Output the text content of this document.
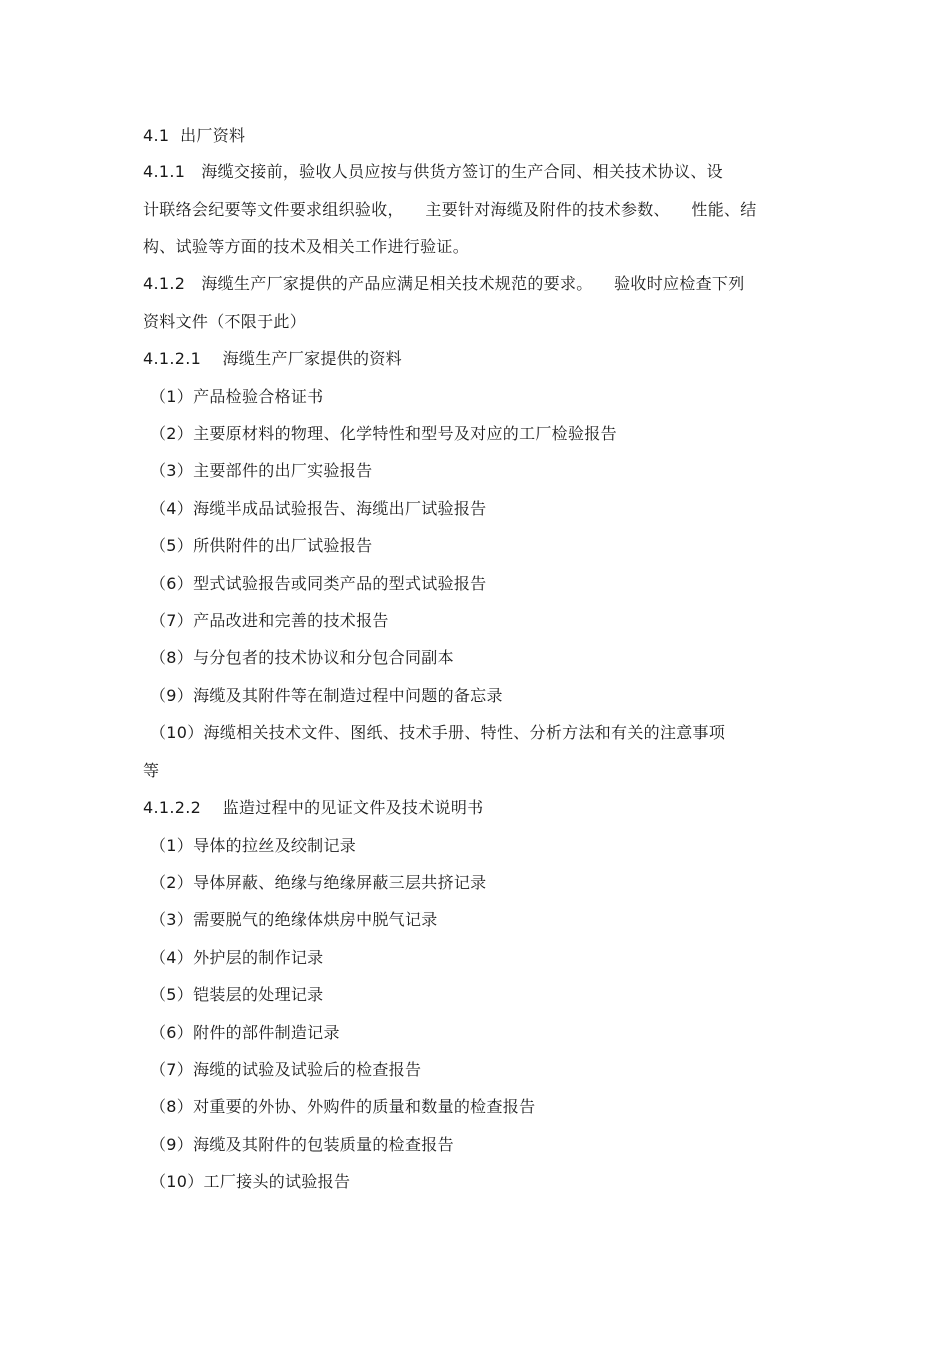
4.1  出厂资料
4.1.1   海缆交接前，验收人员应按与供货方签订的生产合同、相关技术协议、设
计联络会纪要等文件要求组织验收，    主要针对海缆及附件的技术参数、    性能、结
构、试验等方面的技术及相关工作进行验证。
4.1.2   海缆生产厂家提供的产品应满足相关技术规范的要求。    验收时应检查下列
资料文件（不限于此）
4.1.2.1    海缆生产厂家提供的资料
（1）产品检验合格证书
（2）主要原材料的物理、化学特性和型号及对应的工厂检验报告
（3）主要部件的出厂实验报告
（4）海缆半成品试验报告、海缆出厂试验报告
（5）所供附件的出厂试验报告
（6）型式试验报告或同类产品的型式试验报告
（7）产品改进和完善的技术报告
（8）与分包者的技术协议和分包合同副本
（9）海缆及其附件等在制造过程中问题的备忘录
（10）海缆相关技术文件、图纸、技术手册、特性、分析方法和有关的注意事项
等
4.1.2.2    监造过程中的见证文件及技术说明书
（1）导体的拉丝及绞制记录
（2）导体屏蔽、绝缘与绝缘屏蔽三层共挤记录
（3）需要脱气的绝缘体烘房中脱气记录
（4）外护层的制作记录
（5）铠装层的处理记录
（6）附件的部件制造记录
（7）海缆的试验及试验后的检查报告
（8）对重要的外协、外购件的质量和数量的检查报告
（9）海缆及其附件的包装质量的检查报告
（10）工厂接头的试验报告
